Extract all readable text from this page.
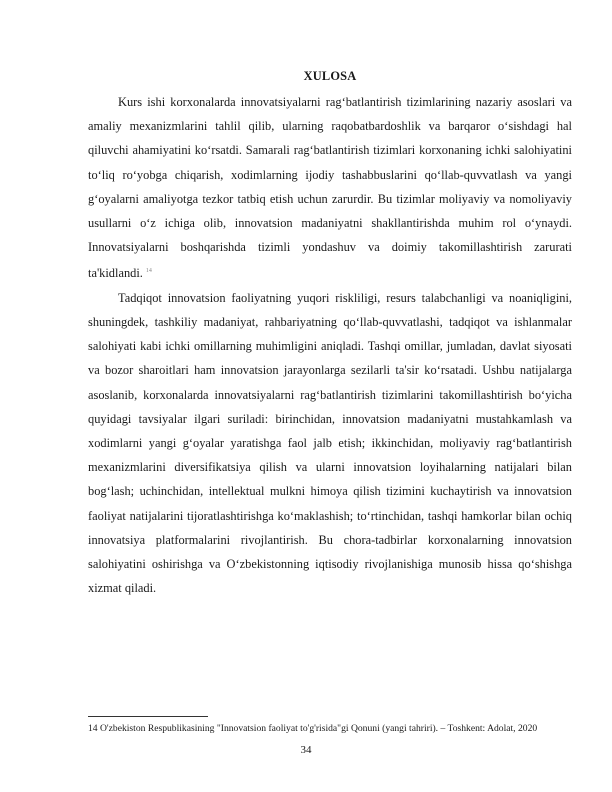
XULOSA

Kurs ishi korxonalarda innovatsiyalarni rag‘batlantirish tizimlarining nazariy asoslari va amaliy mexanizmlarini tahlil qilib, ularning raqobatbardoshlik va barqaror o‘sishdagi hal qiluvchi ahamiyatini ko‘rsatdi. Samarali rag‘batlantirish tizimlari korxonaning ichki salohiyatini to‘liq ro‘yobga chiqarish, xodimlarning ijodiy tashabbuslarini qo‘llab-quvvatlash va yangi g‘oyalarni amaliyotga tezkor tatbiq etish uchun zarurdir. Bu tizimlar moliyaviy va nomoliyaviy usullarni o‘z ichiga olib, innovatsion madaniyatni shakllantirishda muhim rol o‘ynaydi. Innovatsiyalarni boshqarishda tizimli yondashuv va doimiy takomillashtirish zarurati ta'kidlandi. $^{14}$

Tadqiqot innovatsion faoliyatning yuqori riskliligi, resurs talabchanligi va noaniqligini, shuningdek, tashkiliy madaniyat, rahbariyatning qo‘llab-quvvatlashi, tadqiqot va ishlanmalar salohiyati kabi ichki omillarning muhimligini aniqladi. Tashqi omillar, jumladan, davlat siyosati va bozor sharoitlari ham innovatsion jarayonlarga sezilarli ta'sir ko‘rsatadi. Ushbu natijalarga asoslanib, korxonalarda innovatsiyalarni rag‘batlantirish tizimlarini takomillashtirish bo‘yicha quyidagi tavsiyalar ilgari suriladi: birinchidan, innovatsion madaniyatni mustahkamlash va xodimlarni yangi g‘oyalar yaratishga faol jalb etish; ikkinchidan, moliyaviy rag‘batlantirish mexanizmlarini diversifikatsiya qilish va ularni innovatsion loyihalarning natijalari bilan bog‘lash; uchinchidan, intellektual mulkni himoya qilish tizimini kuchaytirish va innovatsion faoliyat natijalarini tijoratlashtirishga ko‘maklashish; to‘rtinchidan, tashqi hamkorlar bilan ochiq innovatsiya platformalarini rivojlantirish. Bu chora-tadbirlar korxonalarning innovatsion salohiyatini oshirishga va O‘zbekistonning iqtisodiy rivojlanishiga munosib hissa qo‘shishga xizmat qiladi.

14 O'zbekiston Respublikasining "Innovatsion faoliyat to'g'risida"gi Qonuni (yangi tahriri). – Toshkent: Adolat, 2020
34
